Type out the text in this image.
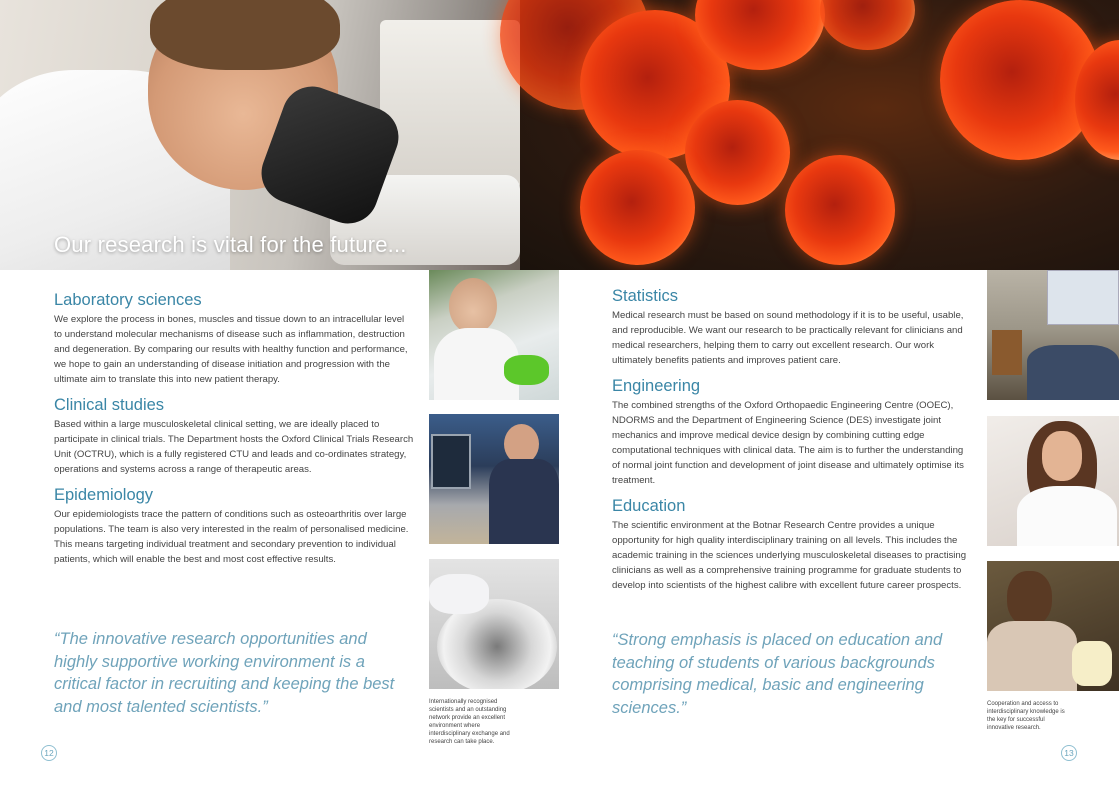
Our research is vital for the future...
Laboratory sciences

We explore the process in bones, muscles and tissue down to an intracellular level to understand molecular mechanisms of disease such as inflammation, destruction and degeneration. By comparing our results with healthy function and performance, we hope to gain an understanding of disease initiation and progression with the ultimate aim to translate this into new patient therapy.

Clinical studies

Based within a large musculoskeletal clinical setting, we are ideally placed to participate in clinical trials. The Department hosts the Oxford Clinical Trials Research Unit (OCTRU), which is a fully registered CTU and leads and co-ordinates strategy, operations and systems across a range of therapeutic areas.

Epidemiology

Our epidemiologists trace the pattern of conditions such as osteoarthritis over large populations. The team is also very interested in the realm of personalised medicine. This means targeting individual treatment and secondary prevention to individual patients, which will enable the best and most cost effective results.

“The innovative research opportunities and highly supportive working environment is a critical factor in recruiting and keeping the best and most talented scientists.”	Internationally recognised scientists and an outstanding network provide an excellent environment where interdisciplinary exchange and research can take place.
12
Statistics

Medical research must be based on sound methodology if it is to be useful, usable, and reproducible. We want our research to be practically relevant for clinicians and medical researchers, helping them to carry out excellent research. Our work ultimately benefits patients and improves patient care.

Engineering

The combined strengths of the Oxford Orthopaedic Engineering Centre (OOEC), NDORMS and the Department of Engineering Science (DES) investigate joint mechanics and improve medical device design by combining cutting edge computational techniques with clinical data. The aim is to further the understanding of normal joint function and development of joint disease and ultimately optimise its treatment.

Education

The scientific environment at the Botnar Research Centre provides a unique opportunity for high quality interdisciplinary training on all levels. This includes the academic training in the sciences underlying musculoskeletal diseases to practising clinicians as well as a comprehensive training programme for graduate students to develop into scientists of the highest calibre with excellent future career prospects.

“Strong emphasis is placed on education and teaching of students of various backgrounds comprising medical, basic and engineering sciences.”	Cooperation and access to interdisciplinary knowledge is the key for successful innovative research.
13
